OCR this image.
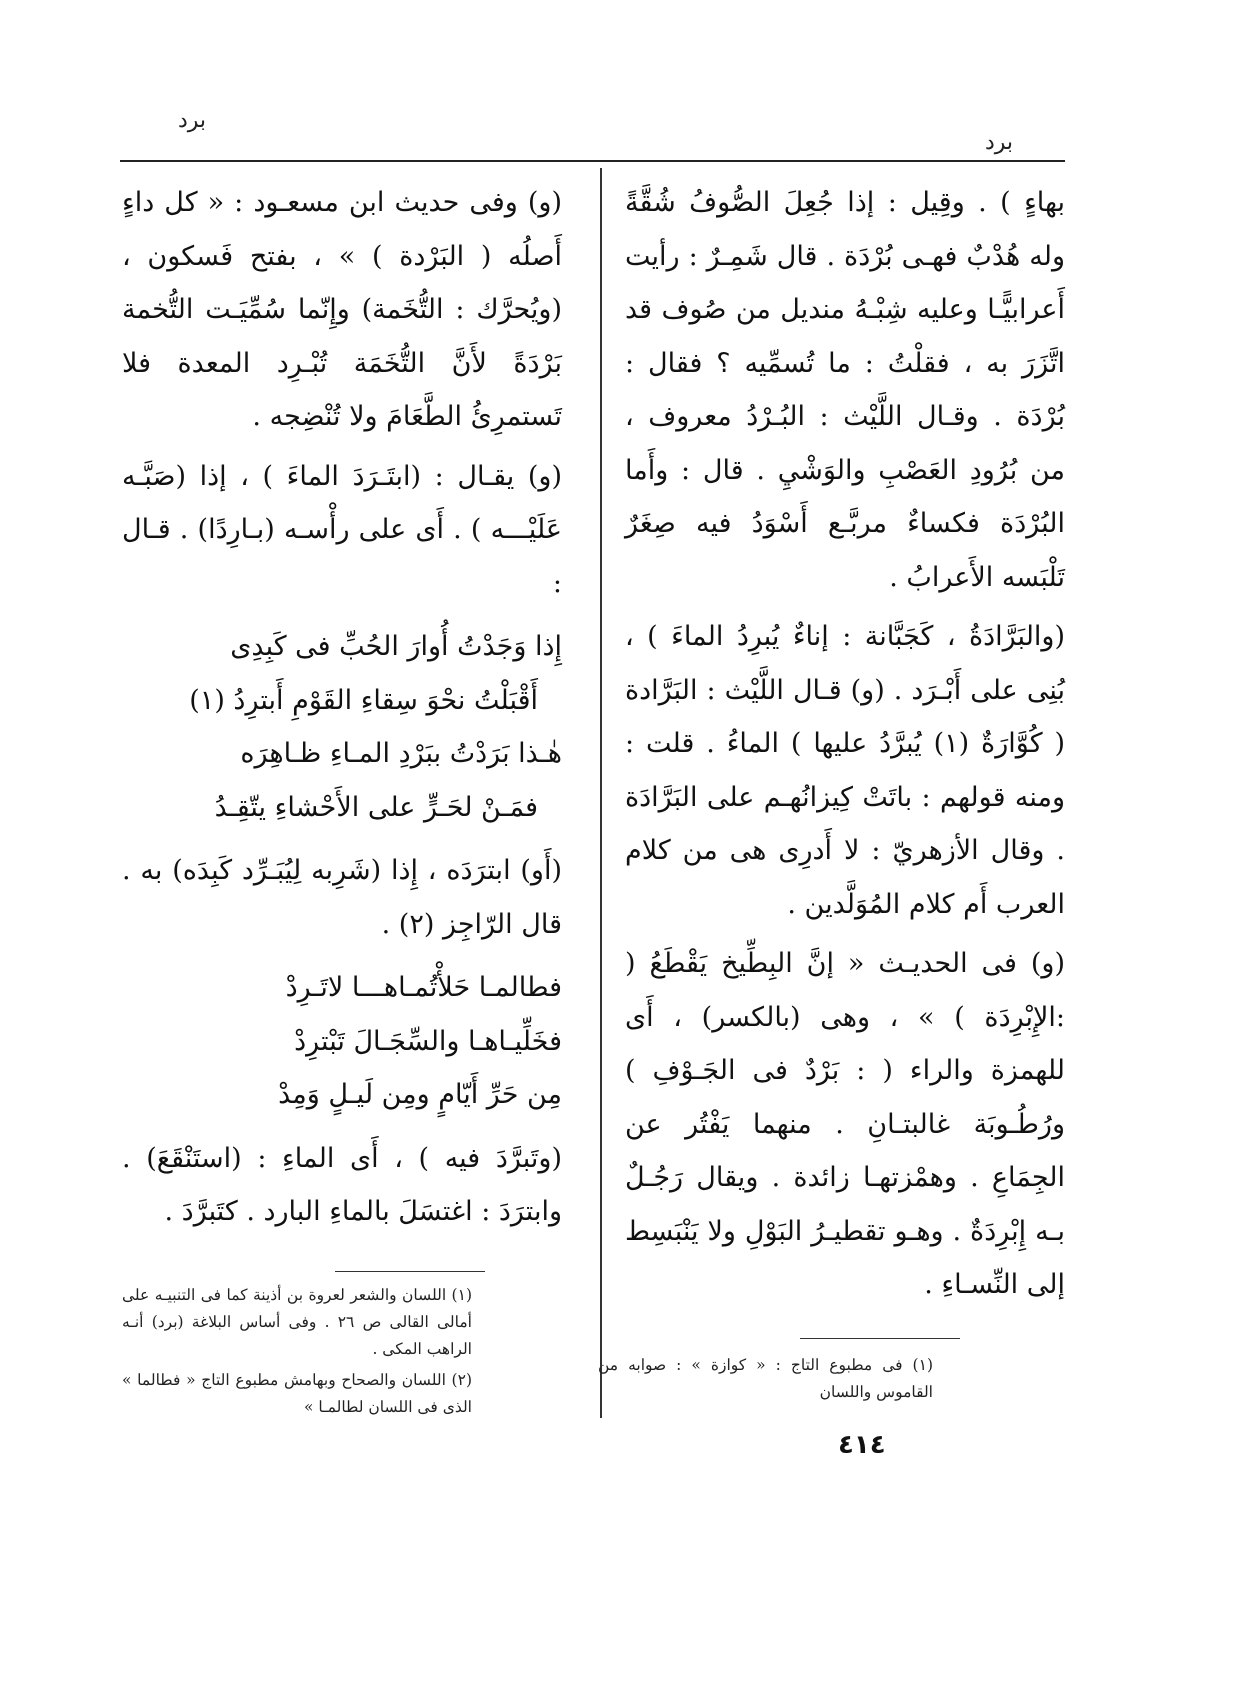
برد
برد

بهاءٍ ) . وقِيل : إذا جُعِلَ الصُّوفُ شُقَّةً وله هُدْبٌ فهـى بُرْدَة . قال شَمِـرٌ : رأيت أَعرابيًّـا وعليه شِبْـهُ منديل من صُوف قد اتَّزَرَ به ، فقلْتُ : ما تُسمِّيه ؟ فقال : بُرْدَة . وقـال اللَّيْث : البُـرْدُ معروف ، من بُرُودِ العَصْبِ والوَشْيِ . قال : وأَما البُرْدَة فكساءٌ مربَّـع أَسْوَدُ فيه صِغَرٌ تَلْبَسه الأَعرابُ .

(والبَرَّادَةُ ، كَجَبَّانة : إناءٌ يُبرِدُ الماءَ ) ، بُنِى على أَبْـرَد . (و) قـال اللَّيْث : البَرَّادة ( كُوَّارَةٌ (١) يُبرَّدُ عليها ) الماءُ . قلت : ومنه قولهم : باتَتْ كِيزانُهـم على البَرَّادَة . وقال الأزهريّ : لا أَدرِى هى من كلام العرب أَم كلام المُوَلَّدين .

(و) فى الحديـث « إنَّ البِطِّيخ يَقْطَعُ ( :الإِبْرِدَة ) » ، وهى (بالكسر) ، أَى للهمزة والراء ( : بَرْدٌ فى الجَـوْفِ ) ورُطُـوبَة غالبتـانِ . منهما يَفْتُر عن الجِمَاعِ . وهمْزتهـا زائدة . ويقال رَجُـلٌ بـه إِبْرِدَةٌ . وهـو تقطيـرُ البَوْلِ ولا يَنْبَسِط إلى النِّسـاءِ .

(و) وفى حديث ابن مسعـود : « كل داءٍ أَصلُه ( البَرْدة ) » ، بفتح فَسكون ، (ويُحرَّك : التُّخَمة) وإِنّما سُمِّيَـت التُّخمة بَرْدَةً لأَنَّ التُّخَمَة تُبْـرِد المعدة فلا تَستمرِئُ الطَّعَامَ ولا تُنْضِجه .

(و) يقـال : (ابتَـرَدَ الماءَ ) ، إذا (صَبَّـه عَلَيْـــه ) . أَى على رأْسـه (بـارِدًا) . قـال :

إِذا وَجَدْتُ أُوارَ الحُبِّ فى كَبِدِى
أَقْبَلْتُ نحْوَ سِقاءِ القَوْمِ أَبترِدُ (١)
هٰـذا بَرَدْتُ ببَرْدِ المـاءِ ظـاهِرَه
فمَـنْ لحَـرٍّ على الأَحْشاءِ يتّقِـدُ

(أَو) ابترَدَه ، إِذا (شَرِبه لِيُبَـرِّد كَبِدَه) به . قال الرّاجِز (٢) .

فطالمـا حَلأْتُمـاهـــا لاتَـرِدْ
فخَلِّيـاهـا والسِّجَـالَ تَبْترِدْ
مِن حَرِّ أَيّامٍ ومِن لَيـلٍ وَمِدْ

(وتَبرَّدَ فيه ) ، أَى الماءِ : (استَنْقَعَ) . وابترَدَ : اغتسَلَ بالماءِ البارد . كتَبرَّدَ .

(١) اللسان والشعر لعروة بن أذينة كما فى التنبيـه على أمالى القالى ص ٢٦ . وفى أساس البلاغة (برد) أنـه الراهب المكى .

(٢) اللسان والصحاح وبهامش مطبوع التاج « فطالما » الذى فى اللسان لطالمـا »

(١) فى مطبوع التاج : « كوازة » : صوابه من القاموس واللسان

٤١٤
